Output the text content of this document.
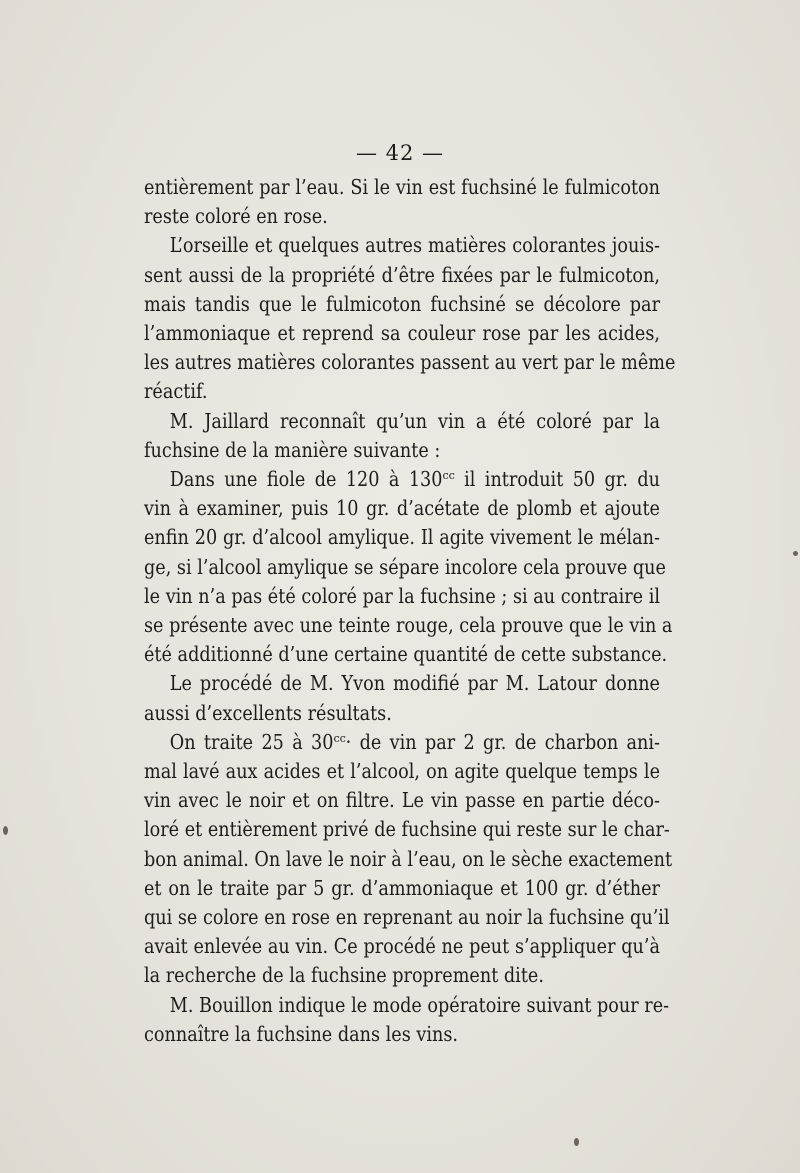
— 42 —
entièrement par l’eau. Si le vin est fuchsiné le fulmicoton
reste coloré en rose.
L’orseille et quelques autres matières colorantes jouis-
sent aussi de la propriété d’être fixées par le fulmicoton,
mais tandis que le fulmicoton fuchsiné se décolore par
l’ammoniaque et reprend sa couleur rose par les acides,
les autres matières colorantes passent au vert par le même
réactif.
M. Jaillard reconnaît qu’un vin a été coloré par la
fuchsine de la manière suivante :
Dans une fiole de 120 à 130ᶜᶜ il introduit 50 gr. du
vin à examiner, puis 10 gr. d’acétate de plomb et ajoute
enfin 20 gr. d’alcool amylique. Il agite vivement le mélan-
ge, si l’alcool amylique se sépare incolore cela prouve que
le vin n’a pas été coloré par la fuchsine ; si au contraire il
se présente avec une teinte rouge, cela prouve que le vin a
été additionné d’une certaine quantité de cette substance.
Le procédé de M. Yvon modifié par M. Latour donne
aussi d’excellents résultats.
On traite 25 à 30ᶜᶜ· de vin par 2 gr. de charbon ani-
mal lavé aux acides et l’alcool, on agite quelque temps le
vin avec le noir et on filtre. Le vin passe en partie déco-
loré et entièrement privé de fuchsine qui reste sur le char-
bon animal. On lave le noir à l’eau, on le sèche exactement
et on le traite par 5 gr. d’ammoniaque et 100 gr. d’éther
qui se colore en rose en reprenant au noir la fuchsine qu’il
avait enlevée au vin. Ce procédé ne peut s’appliquer qu’à
la recherche de la fuchsine proprement dite.
M. Bouillon indique le mode opératoire suivant pour re-
connaître la fuchsine dans les vins.
